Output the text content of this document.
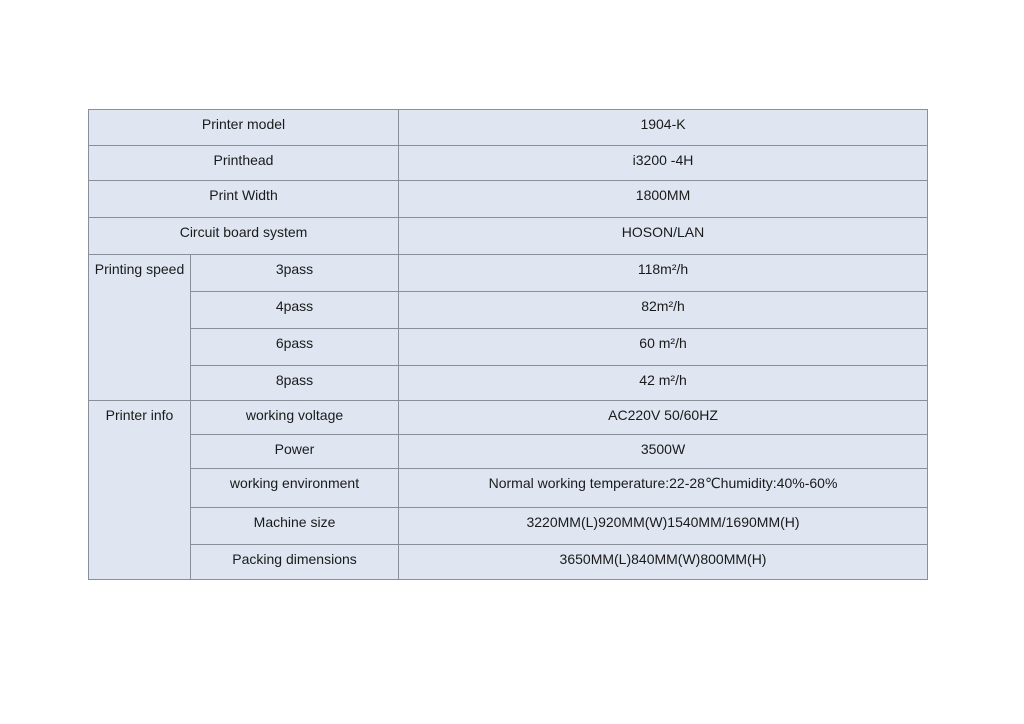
Printer model		1904-K
Printhead		i3200 -4H
Print Width		1800MM
Circuit board system		HOSON/LAN
Printing speed	3pass	118m²/h
	4pass	82m²/h
	6pass	60 m²/h
	8pass	42 m²/h
Printer info	working voltage	AC220V 50/60HZ
	Power	3500W
	working environment	Normal working temperature:22-28℃humidity:40%-60%
	Machine size	3220MM(L)920MM(W)1540MM/1690MM(H)
	Packing dimensions	3650MM(L)840MM(W)800MM(H)
